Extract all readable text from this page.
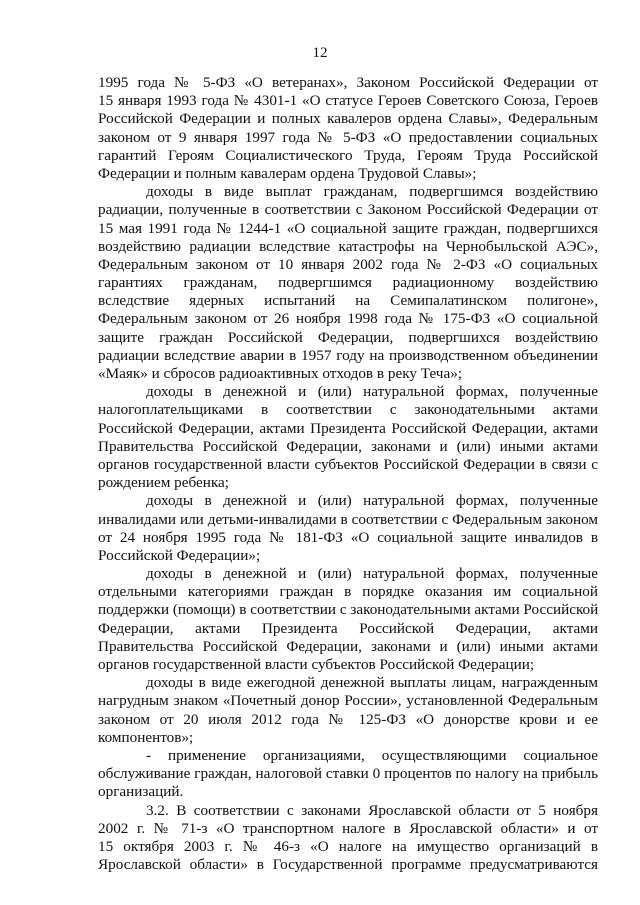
12
1995 года № 5-ФЗ «О ветеранах», Законом Российской Федерации от
15 января 1993 года № 4301-1 «О статусе Героев Советского Союза, Героев
Российской Федерации и полных кавалеров ордена Славы», Федеральным
законом от 9 января 1997 года № 5-ФЗ «О предоставлении социальных
гарантий Героям Социалистического Труда, Героям Труда Российской
Федерации и полным кавалерам ордена Трудовой Славы»;
доходы в виде выплат гражданам, подвергшимся воздействию
радиации, полученные в соответствии с Законом Российской Федерации от
15 мая 1991 года № 1244-1 «О социальной защите граждан, подвергшихся
воздействию радиации вследствие катастрофы на Чернобыльской АЭС»,
Федеральным законом от 10 января 2002 года № 2-ФЗ «О социальных
гарантиях гражданам, подвергшимся радиационному воздействию
вследствие ядерных испытаний на Семипалатинском полигоне»,
Федеральным законом от 26 ноября 1998 года № 175-ФЗ «О социальной
защите граждан Российской Федерации, подвергшихся воздействию
радиации вследствие аварии в 1957 году на производственном объединении
«Маяк» и сбросов радиоактивных отходов в реку Теча»;
доходы в денежной и (или) натуральной формах, полученные
налогоплательщиками в соответствии с законодательными актами
Российской Федерации, актами Президента Российской Федерации, актами
Правительства Российской Федерации, законами и (или) иными актами
органов государственной власти субъектов Российской Федерации в связи с
рождением ребенка;
доходы в денежной и (или) натуральной формах, полученные
инвалидами или детьми-инвалидами в соответствии с Федеральным законом
от 24 ноября 1995 года № 181-ФЗ «О социальной защите инвалидов в
Российской Федерации»;
доходы в денежной и (или) натуральной формах, полученные
отдельными категориями граждан в порядке оказания им социальной
поддержки (помощи) в соответствии с законодательными актами Российской
Федерации, актами Президента Российской Федерации, актами
Правительства Российской Федерации, законами и (или) иными актами
органов государственной власти субъектов Российской Федерации;
доходы в виде ежегодной денежной выплаты лицам, награжденным
нагрудным знаком «Почетный донор России», установленной Федеральным
законом от 20 июля 2012 года № 125-ФЗ «О донорстве крови и ее
компонентов»;
- применение организациями, осуществляющими социальное
обслуживание граждан, налоговой ставки 0 процентов по налогу на прибыль
организаций.
3.2. В соответствии с законами Ярославской области от 5 ноября
2002 г. № 71-з «О транспортном налоге в Ярославской области» и от
15 октября 2003 г. № 46-з «О налоге на имущество организаций в
Ярославской области» в Государственной программе предусматриваются
